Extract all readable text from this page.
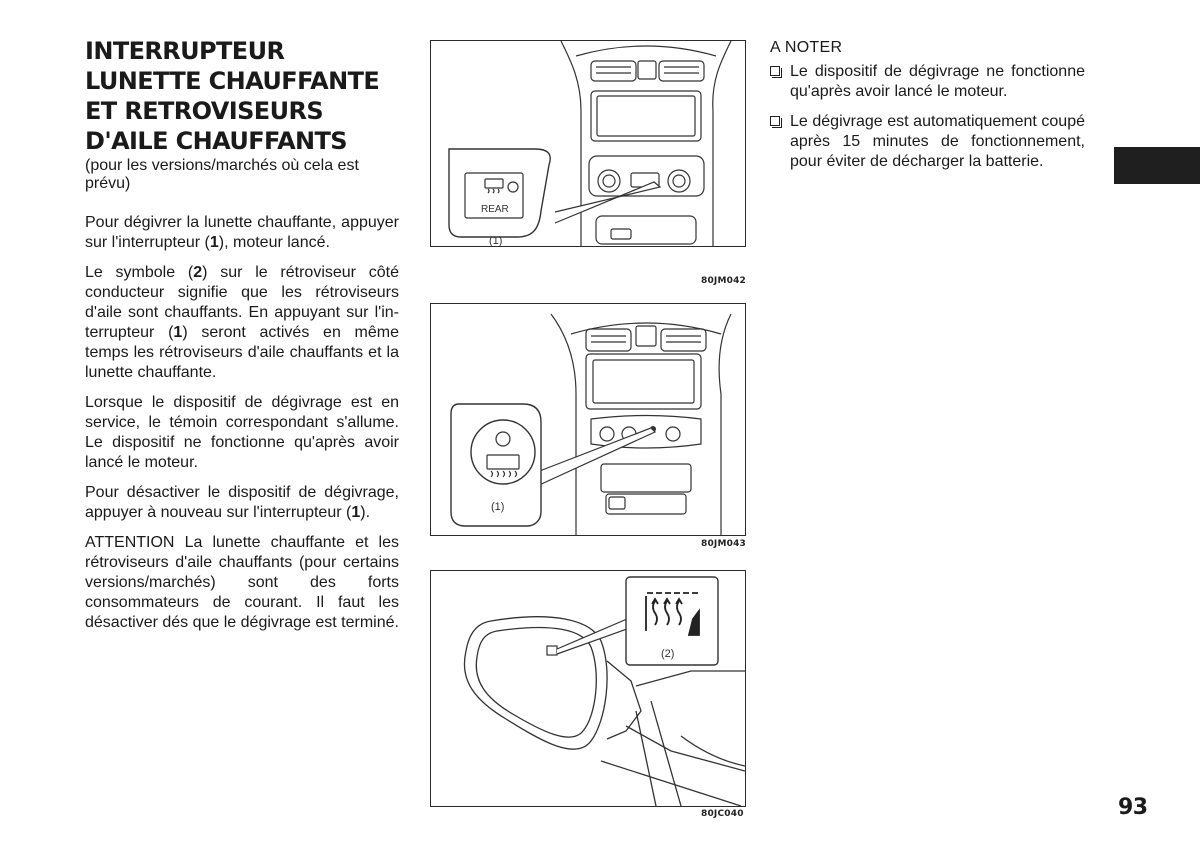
INTERRUPTEUR LUNETTE CHAUFFANTE ET RETROVISEURS D'AILE CHAUFFANTS

(pour les versions/marchés où cela est prévu)

Pour dégivrer la lunette chauffante, appuyer sur l'interrupteur (1), moteur lancé.

Le symbole (2) sur le rétroviseur côté conducteur signifie que les rétroviseurs d'aile sont chauffants. En appuyant sur l'interrupteur (1) seront activés en même temps les rétroviseurs d'aile chauffants et la lunette chauffante.

Lorsque le dispositif de dégivrage est en service, le témoin correspondant s'allume. Le dispositif ne fonctionne qu'après avoir lancé le moteur.

Pour désactiver le dispositif de dégivrage, appuyer à nouveau sur l'interrupteur (1).

ATTENTION La lunette chauffante et les rétroviseurs d'aile chauffants (pour certains versions/marchés) sont des forts consommateurs de courant. Il faut les désactiver dés que le dégivrage est terminé.

REAR
(1)
80JM042
(1)
80JM043
(2)
80JC040

A NOTER

Le dispositif de dégivrage ne fonctionne qu'après avoir lancé le moteur.

Le dégivrage est automatiquement coupé après 15 minutes de fonctionnement, pour éviter de décharger la batterie.

93
